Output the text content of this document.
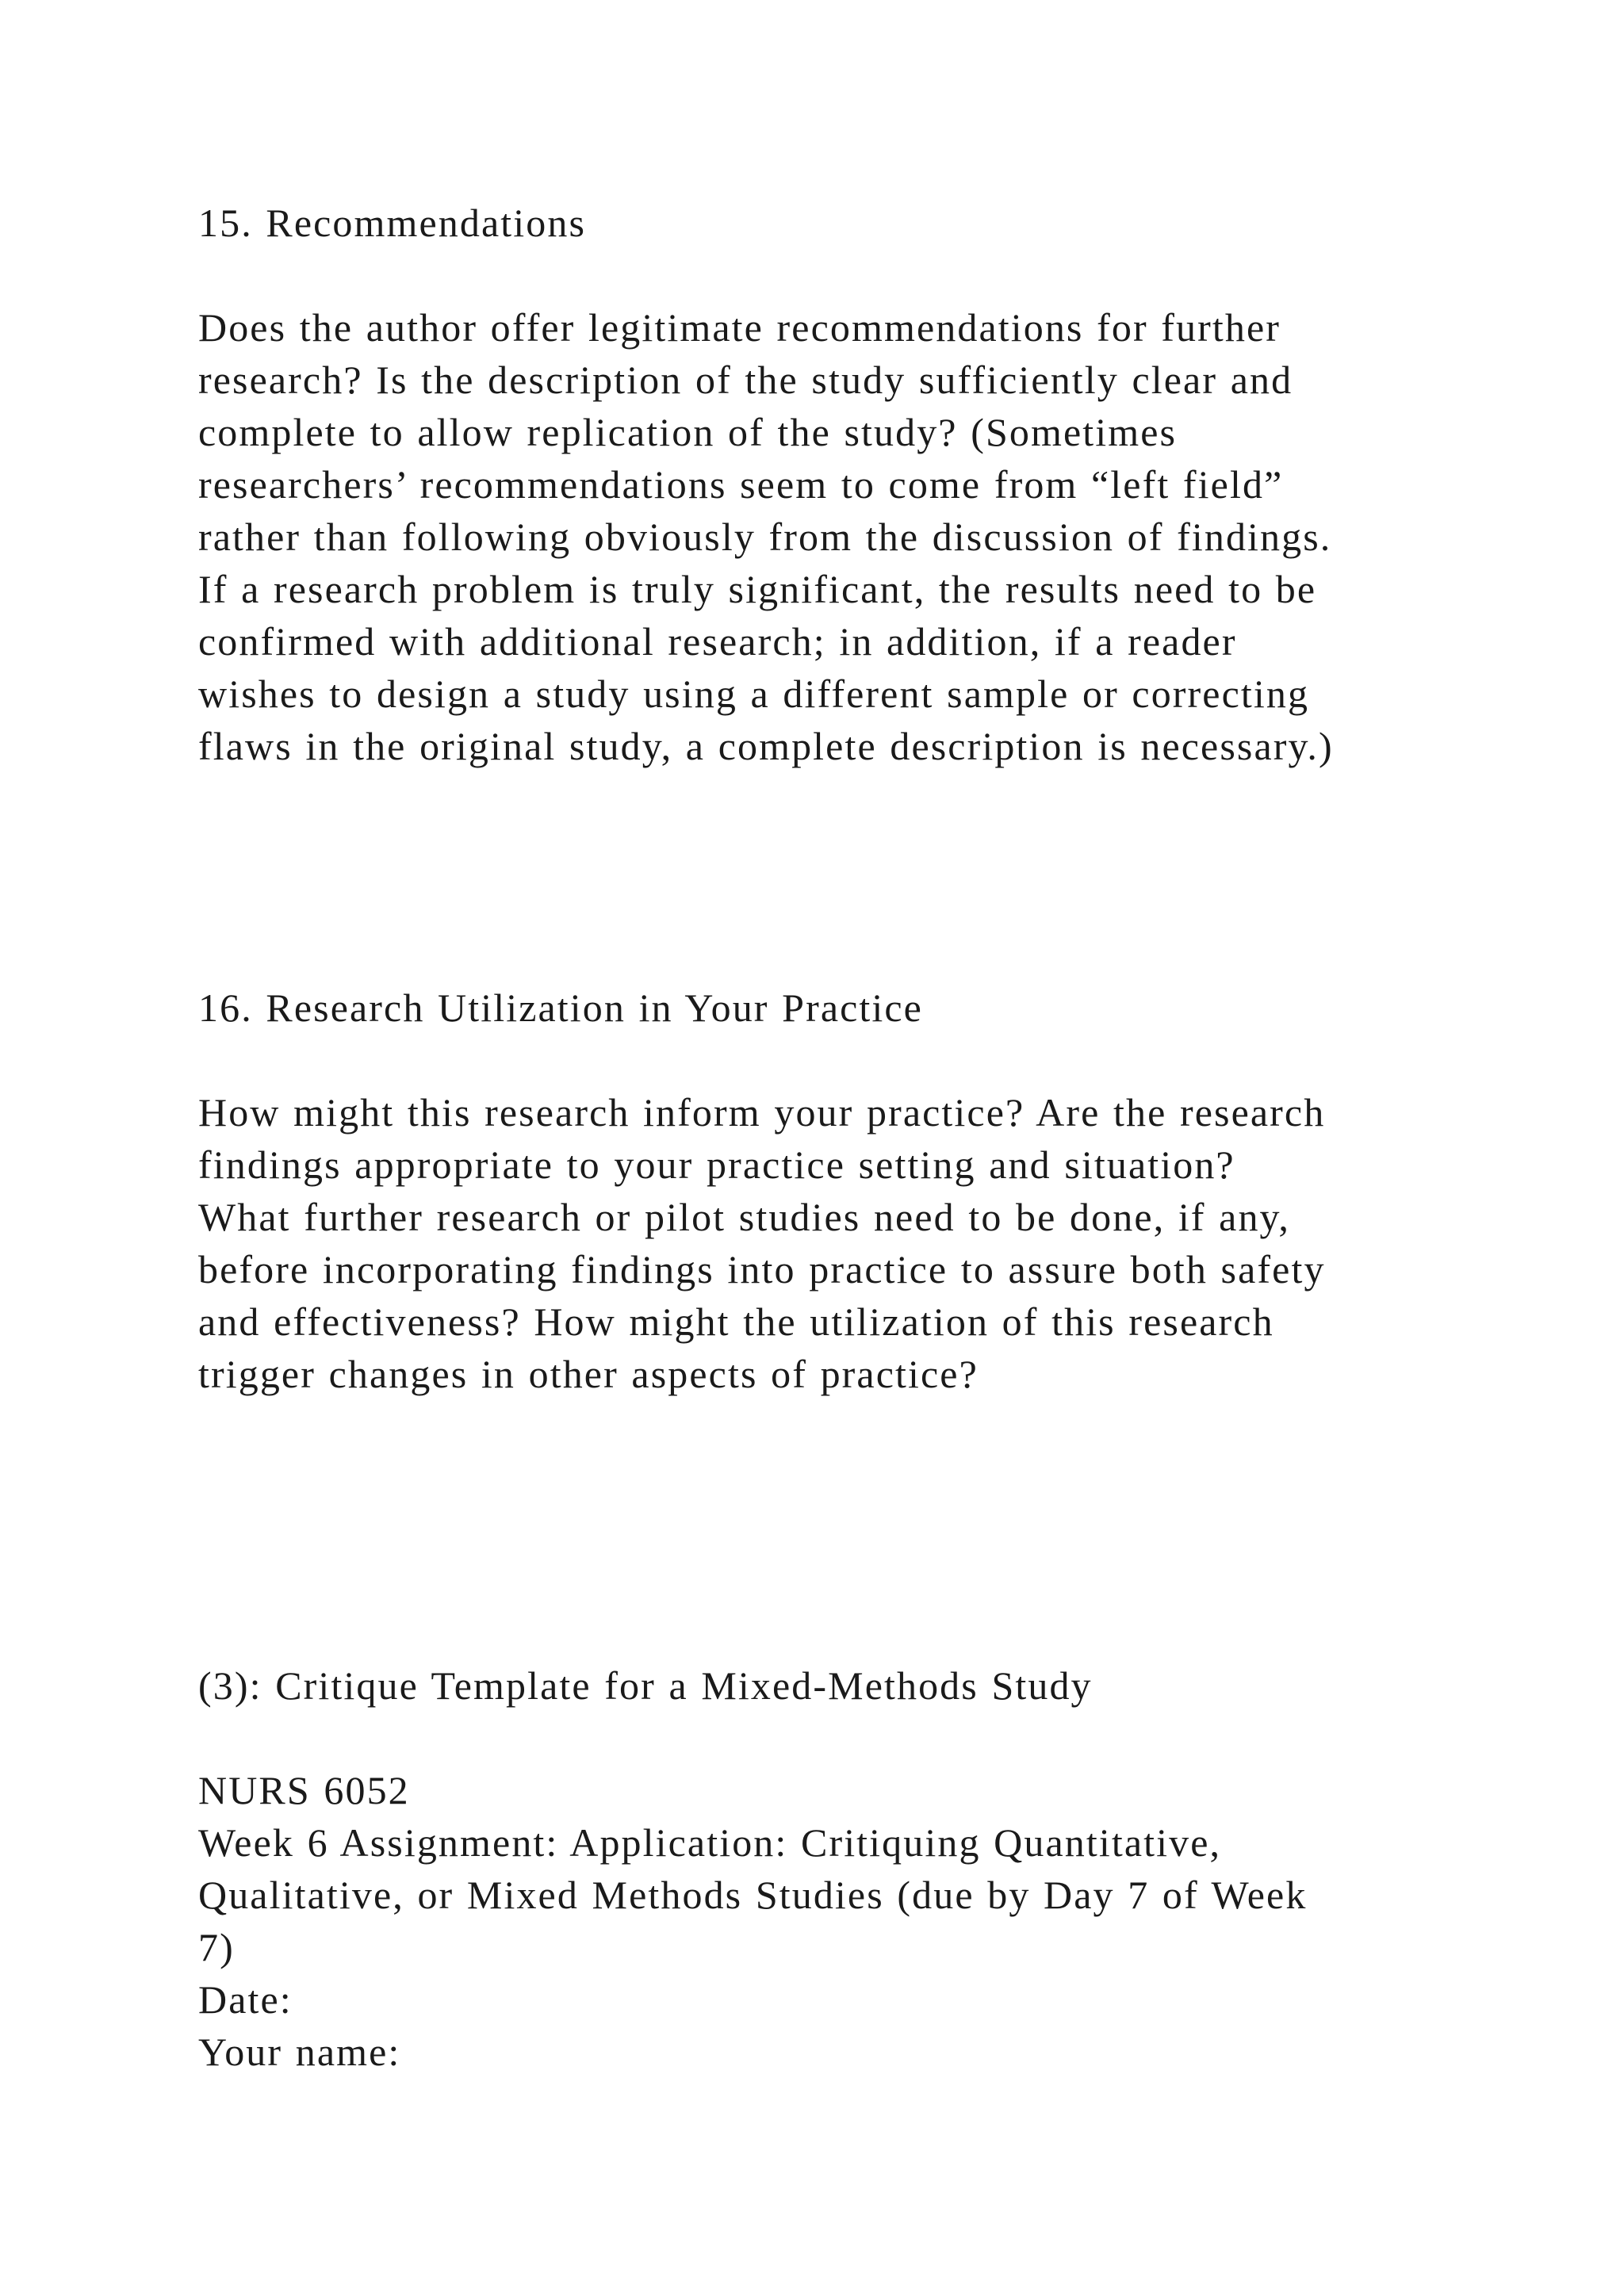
15. Recommendations
Does the author offer legitimate recommendations for further
research? Is the description of the study sufficiently clear and
complete to allow replication of the study? (Sometimes
researchers’ recommendations seem to come from “left field”
rather than following obviously from the discussion of findings.
If a research problem is truly significant, the results need to be
confirmed with additional research; in addition, if a reader
wishes to design a study using a different sample or correcting
flaws in the original study, a complete description is necessary.)
16. Research Utilization in Your Practice
How might this research inform your practice? Are the research
findings appropriate to your practice setting and situation?
What further research or pilot studies need to be done, if any,
before incorporating findings into practice to assure both safety
and effectiveness? How might the utilization of this research
trigger changes in other aspects of practice?
(3): Critique Template for a Mixed-Methods Study
NURS 6052
Week 6 Assignment: Application: Critiquing Quantitative,
Qualitative, or Mixed Methods Studies (due by Day 7 of Week
7)
Date:
Your name:
